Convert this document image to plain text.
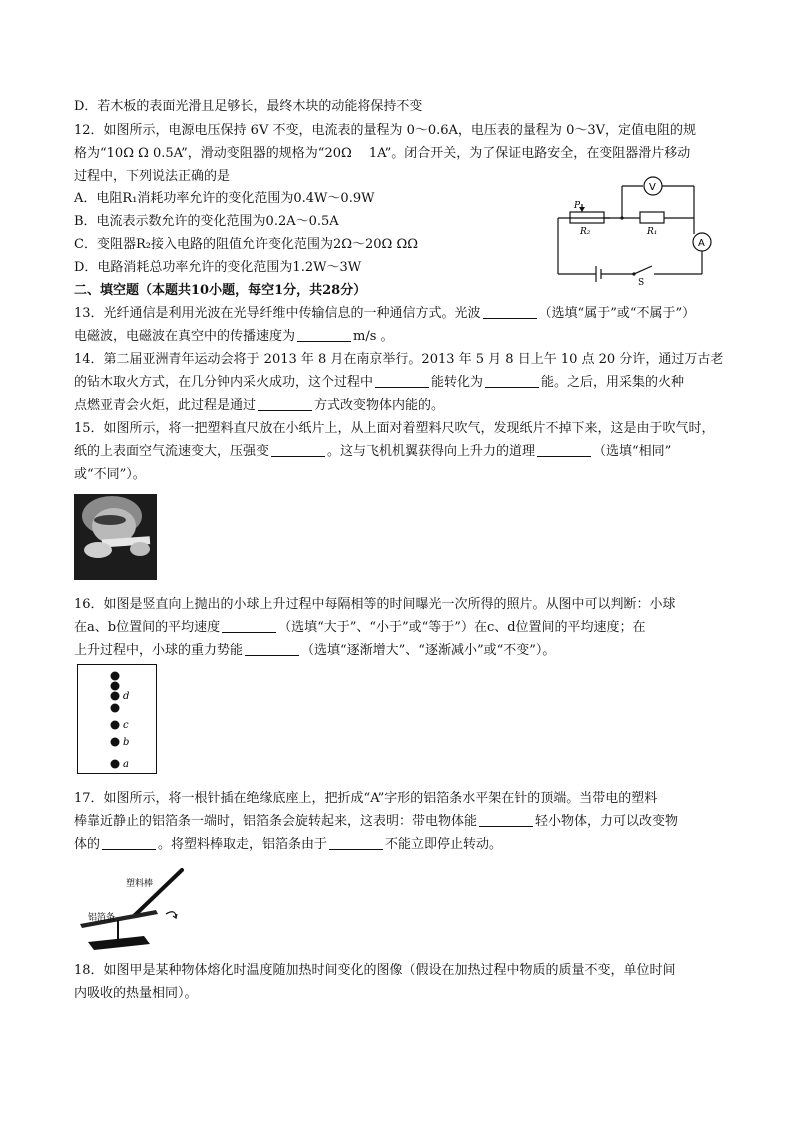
D．若木板的表面光滑且足够长，最终木块的动能将保持不变
12．如图所示，电源电压保持 6V 不变，电流表的量程为 0～0.6A，电压表的量程为 0～3V，定值电阻的规
格为“10Ω Ω 0.5A”，滑动变阻器的规格为“20Ω　 1A”。闭合开关，为了保证电路安全，在变阻器滑片移动
过程中，下列说法正确的是
A．电阻R₁消耗功率允许的变化范围为0.4W～0.9W
B．电流表示数允许的变化范围为0.2A～0.5A
C．变阻器R₂接入电路的阻值允许变化范围为2Ω～20Ω ΩΩ
D．电路消耗总功率允许的变化范围为1.2W～3W
V
A
P
R₂	R₁
S
二、填空题（本题共10小题，每空1分，共28分）
13．光纤通信是利用光波在光导纤维中传输信息的一种通信方式。光波	（选填“属于”或“不属于”）
电磁波，电磁波在真空中的传播速度为	m/s 。
14．第二届亚洲青年运动会将于 2013 年 8 月在南京举行。2013 年 5 月 8 日上午 10 点 20 分许，通过万古老
的钻木取火方式，在几分钟内采火成功，这个过程中	能转化为	能。之后，用采集的火种
点燃亚青会火炬，此过程是通过	方式改变物体内能的。
15．如图所示，将一把塑料直尺放在小纸片上，从上面对着塑料尺吹气，发现纸片不掉下来，这是由于吹气时，
纸的上表面空气流速变大，压强变	。这与飞机机翼获得向上升力的道理	（选填“相同”
或“不同”）。
16．如图是竖直向上抛出的小球上升过程中每隔相等的时间曝光一次所得的照片。从图中可以判断：小球
在a、b位置间的平均速度	（选填“大于”、“小于”或“等于”）在c、d位置间的平均速度；在
上升过程中，小球的重力势能	（选填“逐渐增大”、“逐渐减小”或“不变”）。
d
c
b
a
17．如图所示，将一根针插在绝缘底座上，把折成“A”字形的铝箔条水平架在针的顶端。当带电的塑料
棒靠近静止的铝箔条一端时，铝箔条会旋转起来，这表明：带电物体能	轻小物体，力可以改变物
体的	。将塑料棒取走，铝箔条由于	不能立即停止转动。
塑料棒
铝箔条
18．如图甲是某种物体熔化时温度随加热时间变化的图像（假设在加热过程中物质的质量不变，单位时间
内吸收的热量相同）。
